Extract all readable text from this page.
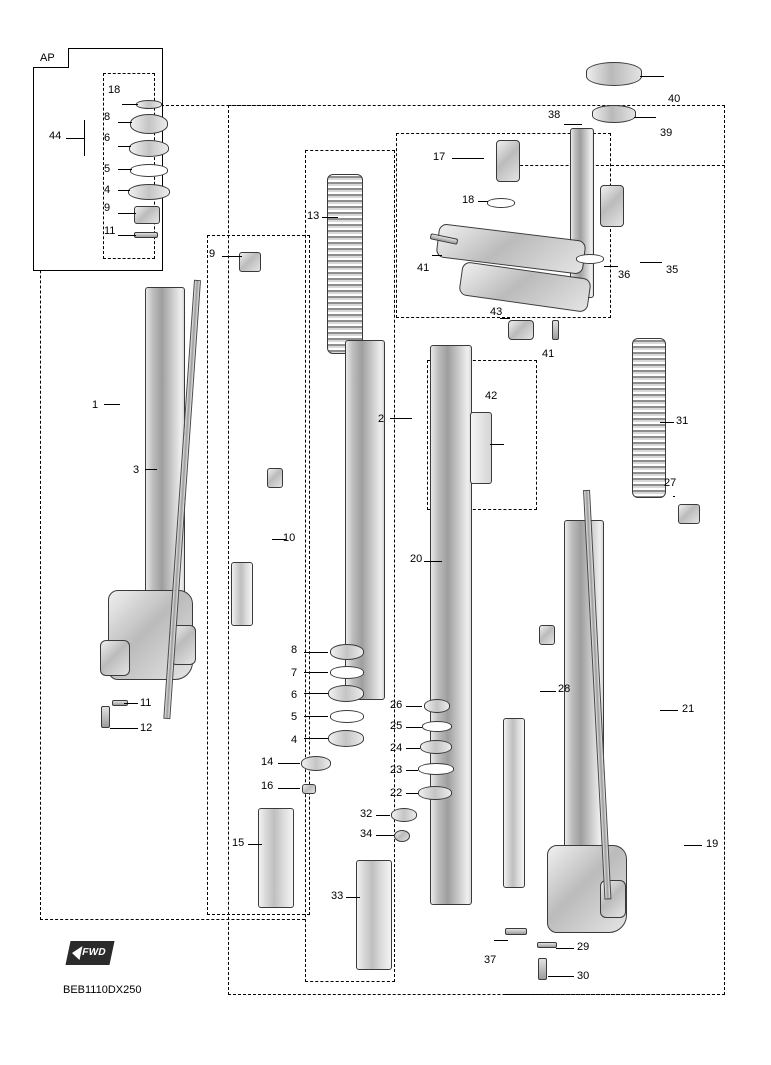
AP
1
2
3
4
4
5
5
6
6
7
8
8
9
9
10
11
11
12
13
14
15
16
17
18
18
19
20
21
22
23
24
25
26
27
28
29
30
31
32
33
34
35
36
37
38
39
40
41
41
42
43
44
FWD
BEB1110DX250
